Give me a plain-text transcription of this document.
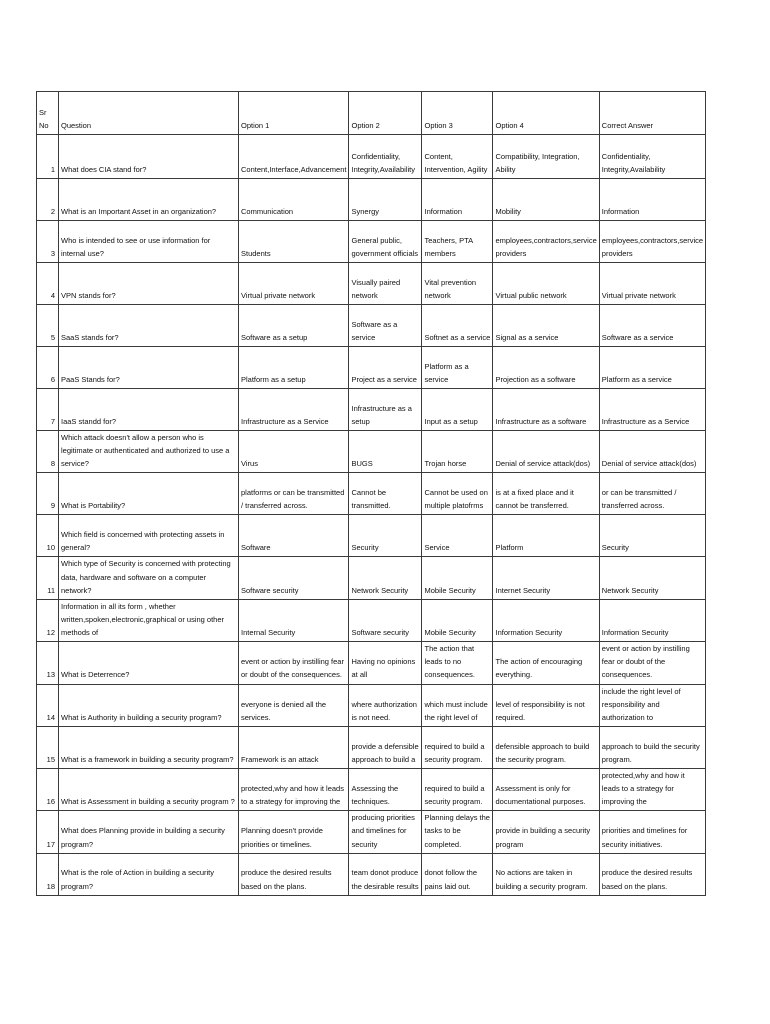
Sr No	Question	Option 1	Option 2	Option 3	Option 4	Correct Answer
1	What does CIA stand for?	Content,Interface,Advancement	Confidentiality, Integrity,Availability	Content, Intervention, Agility	Compatibility, Integration, Ability	Confidentiality, Integrity,Availability
2	What is an Important Asset in an organization?	Communication	Synergy	Information	Mobility	Information
3	Who is intended to see or use information for internal use?	Students	General public, government officials	Teachers, PTA members	employees,contractors,service providers	employees,contractors,service providers
4	VPN stands for?	Virtual private network	Visually paired network	Vital prevention network	Virtual public network	Virtual private network
5	SaaS stands for?	Software as a setup	Software as a service	Softnet as a service	Signal as a service	Software as a service
6	PaaS Stands for?	Platform as a setup	Project as a service	Platform as a service	Projection as a software	Platform as a service
7	IaaS standd for?	Infrastructure as a Service	Infrastructure as a setup	Input as a setup	Infrastructure as a software	Infrastructure as a Service
8	Which attack doesn't allow a person who is legitimate or authenticated and authorized to use a service?	Virus	BUGS	Trojan horse	Denial of service attack(dos)	Denial of service attack(dos)
9	What is Portability?	platforms or can be transmitted / transferred across.	Cannot be transmitted.	Cannot be used on multiple platofrms	is at a fixed place and it cannot be transferred.	or can be transmitted / transferred across.
10	Which field is concerned with protecting assets in general?	Software	Security	Service	Platform	Security
11	Which type of Security is concerned with protecting data, hardware and software on a computer network?	Software security	Network Security	Mobile Security	Internet Security	Network Security
12	Information in all its form , whether written,spoken,electronic,graphical or using other methods of	Internal Security	Software security	Mobile Security	Information Security	Information Security
13	What is Deterrence?	event or action by instilling fear or doubt of the consequences.	Having no opinions at all	The action that leads to no consequences.	The action of encouraging everything.	event or action by instilling fear or doubt of the consequences.
14	What is Authority in building a security program?	everyone is denied all the services.	where authorization is not need.	which must include the right level of	level of responsibility is not required.	include the right level of responsibility and authorization to
15	What is a framework in building a security program?	Framework is an attack	provide a defensible approach to build a	required to build a security program.	defensible approach to build the security program.	approach to build the security program.
16	What is Assessment in building a security program ?	protected,why and how it leads to a strategy for improving the	Assessing the techniques.	required to build a security program.	Assessment is only for documentational purposes.	protected,why and how it leads to a strategy for improving the
17	What does Planning provide in building a security program?	Planning doesn't provide priorities or timelines.	producing priorities and timelines for security	Planning delays the tasks to be completed.	provide in building a security program	priorities and timelines for security initiatives.
18	What is the role of Action in building a security program?	produce the desired results based on the plans.	team donot produce the desirable results	donot follow the pains laid out.	No actions are taken in building a security program.	produce the desired results based on the plans.
